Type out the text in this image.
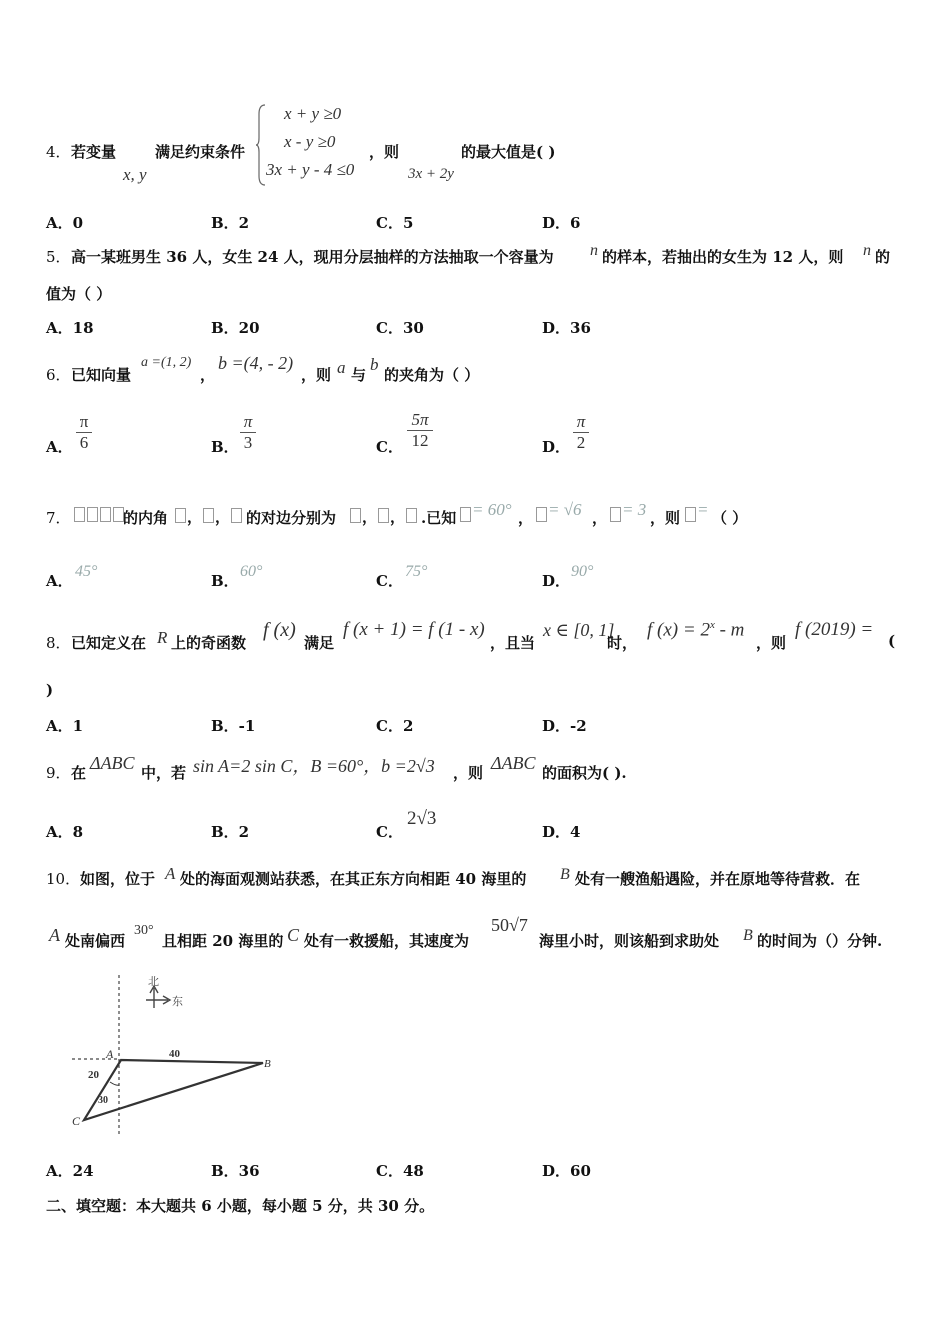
4． 若变量
x, y
满足约束条件
x + y ≥0
x - y ≥0
3x + y - 4 ≤0
，则
3x + 2y
的最大值是( )
A．0	B．2	C．5	D．6
5． 高一某班男生 36 人，女生 24 人，现用分层抽样的方法抽取一个容量为 n 的样本，若抽出的女生为 12 人，则 n 的
值为（ ）
A．18	B．20	C．30	D．36
6． 已知向量
a =(1, 2)
，
b =(4, - 2)
，则 a 与
b
的夹角为（ ）
A．
π
6	B．
π
3	C．
5π
12	D．
π
2
7．	的内角	， ，	的对边分别为	， ，	.已知 = 60° ， = √6 ， = 3 ，则 = （ ）
A．
45°
B．
60°
C．
75°
D．
90°
8． 已知定义在 R 上的奇函数
f (x)
满足
f (x + 1) = f (1 - x)
，且当
x ∈ [0, 1]
时，
f $(x) = 2^x - m$
，则
f (2019) =
(
)
A．1	B．-1	C．2	D．-2
9． 在 ΔABC 中，若 sin A=2 sin C，B =60°，b =2√3 ，则 ΔABC 的面积为( ).
A．8	B．2	C．
2√3
D．4
10． 如图，位于 A 处的海面观测站获悉，在其正东方向相距 40 海里的 B 处有一艘渔船遇险，并在原地等待营救．在
A 处南偏西
30°
且相距 20 海里的 C 处有一救援船，其速度为
50√7
海里小时，则该船到求助处 B 的时间为（）分钟.
北
东
A
B
C
40
20
30
A．24	B．36	C．48	D．60
二、填空题：本大题共 6 小题，每小题 5 分，共 30 分。
